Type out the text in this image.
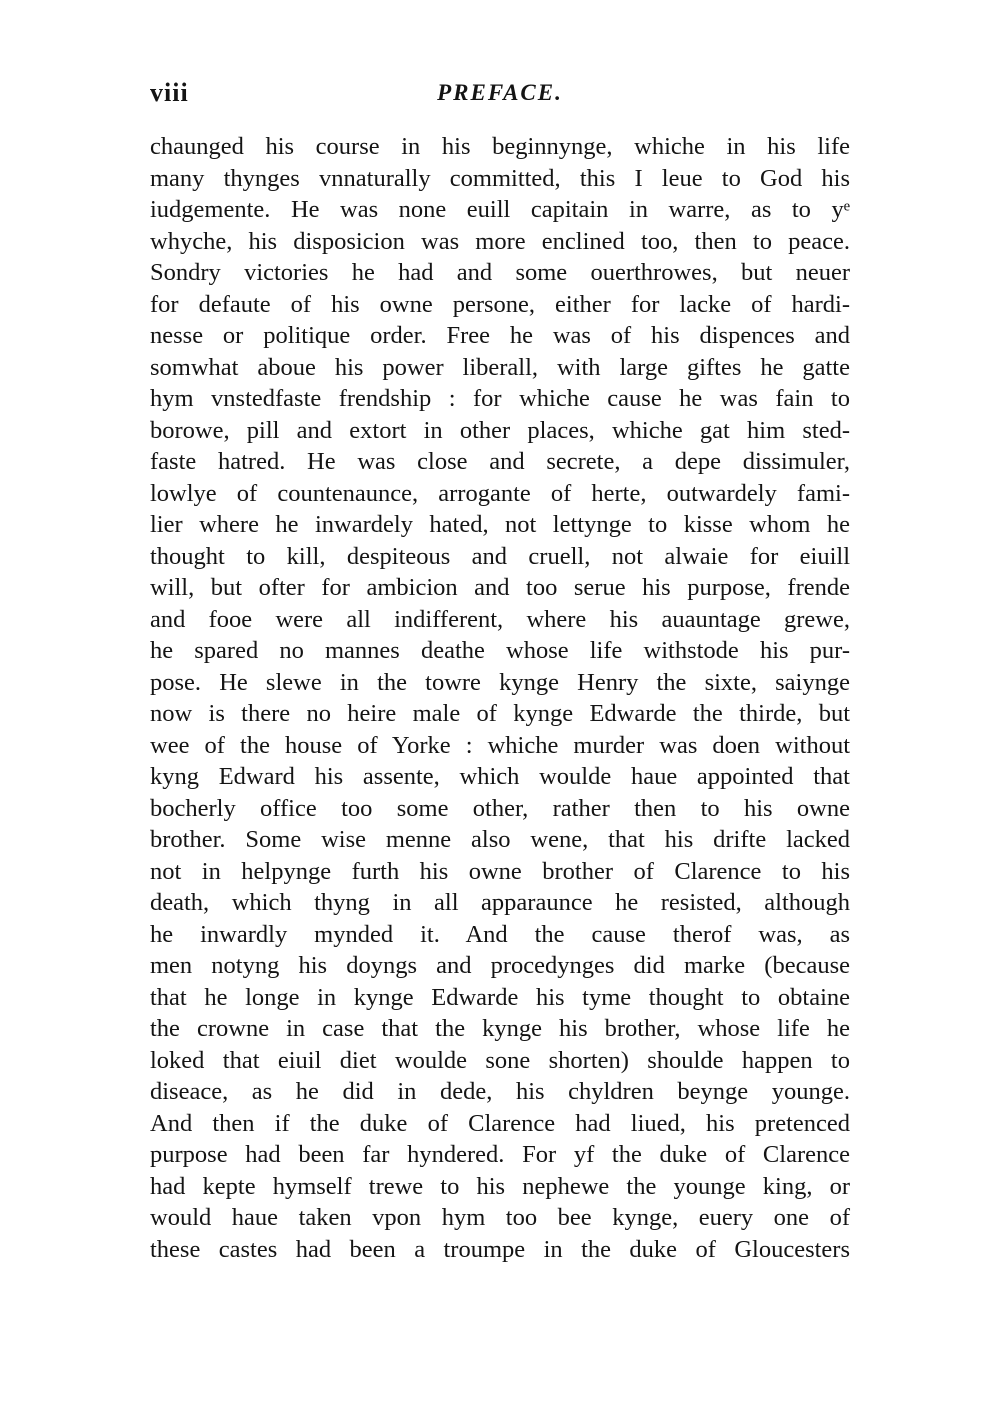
viii	PREFACE.
chaunged his course in his beginnynge, whiche in his life
many thynges vnnaturally committed, this I leue to God his
iudgemente. He was none euill capitain in warre, as to yᵉ
whyche, his disposicion was more enclined too, then to peace.
Sondry victories he had and some ouerthrowes, but neuer
for defaute of his owne persone, either for lacke of hardi-
nesse or politique order. Free he was of his dispences and
somwhat aboue his power liberall, with large giftes he gatte
hym vnstedfaste frendship : for whiche cause he was fain to
borowe, pill and extort in other places, whiche gat him sted-
faste hatred. He was close and secrete, a depe dissimuler,
lowlye of countenaunce, arrogante of herte, outwardely fami-
lier where he inwardely hated, not lettynge to kisse whom he
thought to kill, despiteous and cruell, not alwaie for eiuill
will, but ofter for ambicion and too serue his purpose, frende
and fooe were all indifferent, where his auauntage grewe,
he spared no mannes deathe whose life withstode his pur-
pose. He slewe in the towre kynge Henry the sixte, saiynge
now is there no heire male of kynge Edwarde the thirde, but
wee of the house of Yorke : whiche murder was doen without
kyng Edward his assente, which woulde haue appointed that
bocherly office too some other, rather then to his owne
brother. Some wise menne also wene, that his drifte lacked
not in helpynge furth his owne brother of Clarence to his
death, which thyng in all apparaunce he resisted, although
he inwardly mynded it. And the cause therof was, as
men notyng his doyngs and procedynges did marke (because
that he longe in kynge Edwarde his tyme thought to obtaine
the crowne in case that the kynge his brother, whose life he
loked that eiuil diet woulde sone shorten) shoulde happen to
diseace, as he did in dede, his chyldren beynge younge.
And then if the duke of Clarence had liued, his pretenced
purpose had been far hyndered. For yf the duke of Clarence
had kepte hymself trewe to his nephewe the younge king, or
would haue taken vpon hym too bee kynge, euery one of
these castes had been a troumpe in the duke of Gloucesters
